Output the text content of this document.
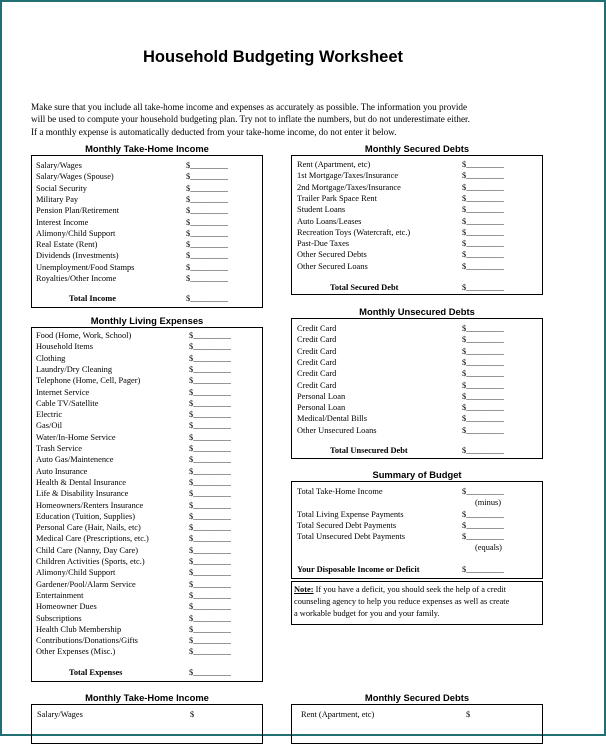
Household Budgeting Worksheet
Make sure that you include all take-home income and expenses as accurately as possible. The information you provide
will be used to compute your household budgeting plan. Try not to inflate the numbers, but do not underestimate either.
If a monthly expense is automatically deducted from your take-home income, do not enter it below.
Monthly Take-Home Income
Salary/Wages	$_________
Salary/Wages (Spouse)	$_________
Social Security	$_________
Military Pay	$_________
Pension Plan/Retirement	$_________
Interest Income	$_________
Alimony/Child Support	$_________
Real Estate (Rent)	$_________
Dividends (Investments)	$_________
Unemployment/Food Stamps	$_________
Royalties/Other Income	$_________
Total Income	$_________
Monthly Secured Debts
Rent (Apartment, etc)	$_________
1st Mortgage/Taxes/Insurance	$_________
2nd Mortgage/Taxes/Insurance	$_________
Trailer Park Space Rent	$_________
Student Loans	$_________
Auto Loans/Leases	$_________
Recreation Toys (Watercraft, etc.)	$_________
Past-Due Taxes	$_________
Other Secured Debts	$_________
Other Secured Loans	$_________
Total Secured Debt	$_________
Monthly Living Expenses
Food (Home, Work, School)	$_________
Household Items	$_________
Clothing	$_________
Laundry/Dry Cleaning	$_________
Telephone (Home, Cell, Pager)	$_________
Internet Service	$_________
Cable TV/Satellite	$_________
Electric	$_________
Gas/Oil	$_________
Water/In-Home Service	$_________
Trash Service	$_________
Auto Gas/Maintenence	$_________
Auto Insurance	$_________
Health & Dental Insurance	$_________
Life & Disability Insurance	$_________
Homeowners/Renters Insurance	$_________
Education (Tuition, Supplies)	$_________
Personal Care (Hair, Nails, etc)	$_________
Medical Care (Prescriptions, etc.)	$_________
Child Care (Nanny, Day Care)	$_________
Children Activities (Sports, etc.)	$_________
Alimony/Child Support	$_________
Gardener/Pool/Alarm Service	$_________
Entertainment	$_________
Homeowner Dues	$_________
Subscriptions	$_________
Health Club Membership	$_________
Contributions/Donations/Gifts	$_________
Other Expenses (Misc.)	$_________
Total Expenses	$_________
Monthly Unsecured Debts
Credit Card	$_________
Credit Card	$_________
Credit Card	$_________
Credit Card	$_________
Credit Card	$_________
Credit Card	$_________
Personal Loan	$_________
Personal Loan	$_________
Medical/Dental Bills	$_________
Other Unsecured Loans	$_________
Total Unsecured Debt	$_________
Summary of Budget
Total Take-Home Income	$_________
(minus)
Total Living Expense Payments	$_________
Total Secured Debt Payments	$_________
Total Unsecured Debt Payments	$_________
(equals)
Your Disposable Income or Deficit	$_________
Note: If you have a deficit, you should seek the help of a credit
counseling agency to help you reduce expenses as well as create
a workable budget for you and your family.
Monthly Take-Home Income
Salary/Wages	$
Monthly Secured Debts
Rent (Apartment, etc)	$
